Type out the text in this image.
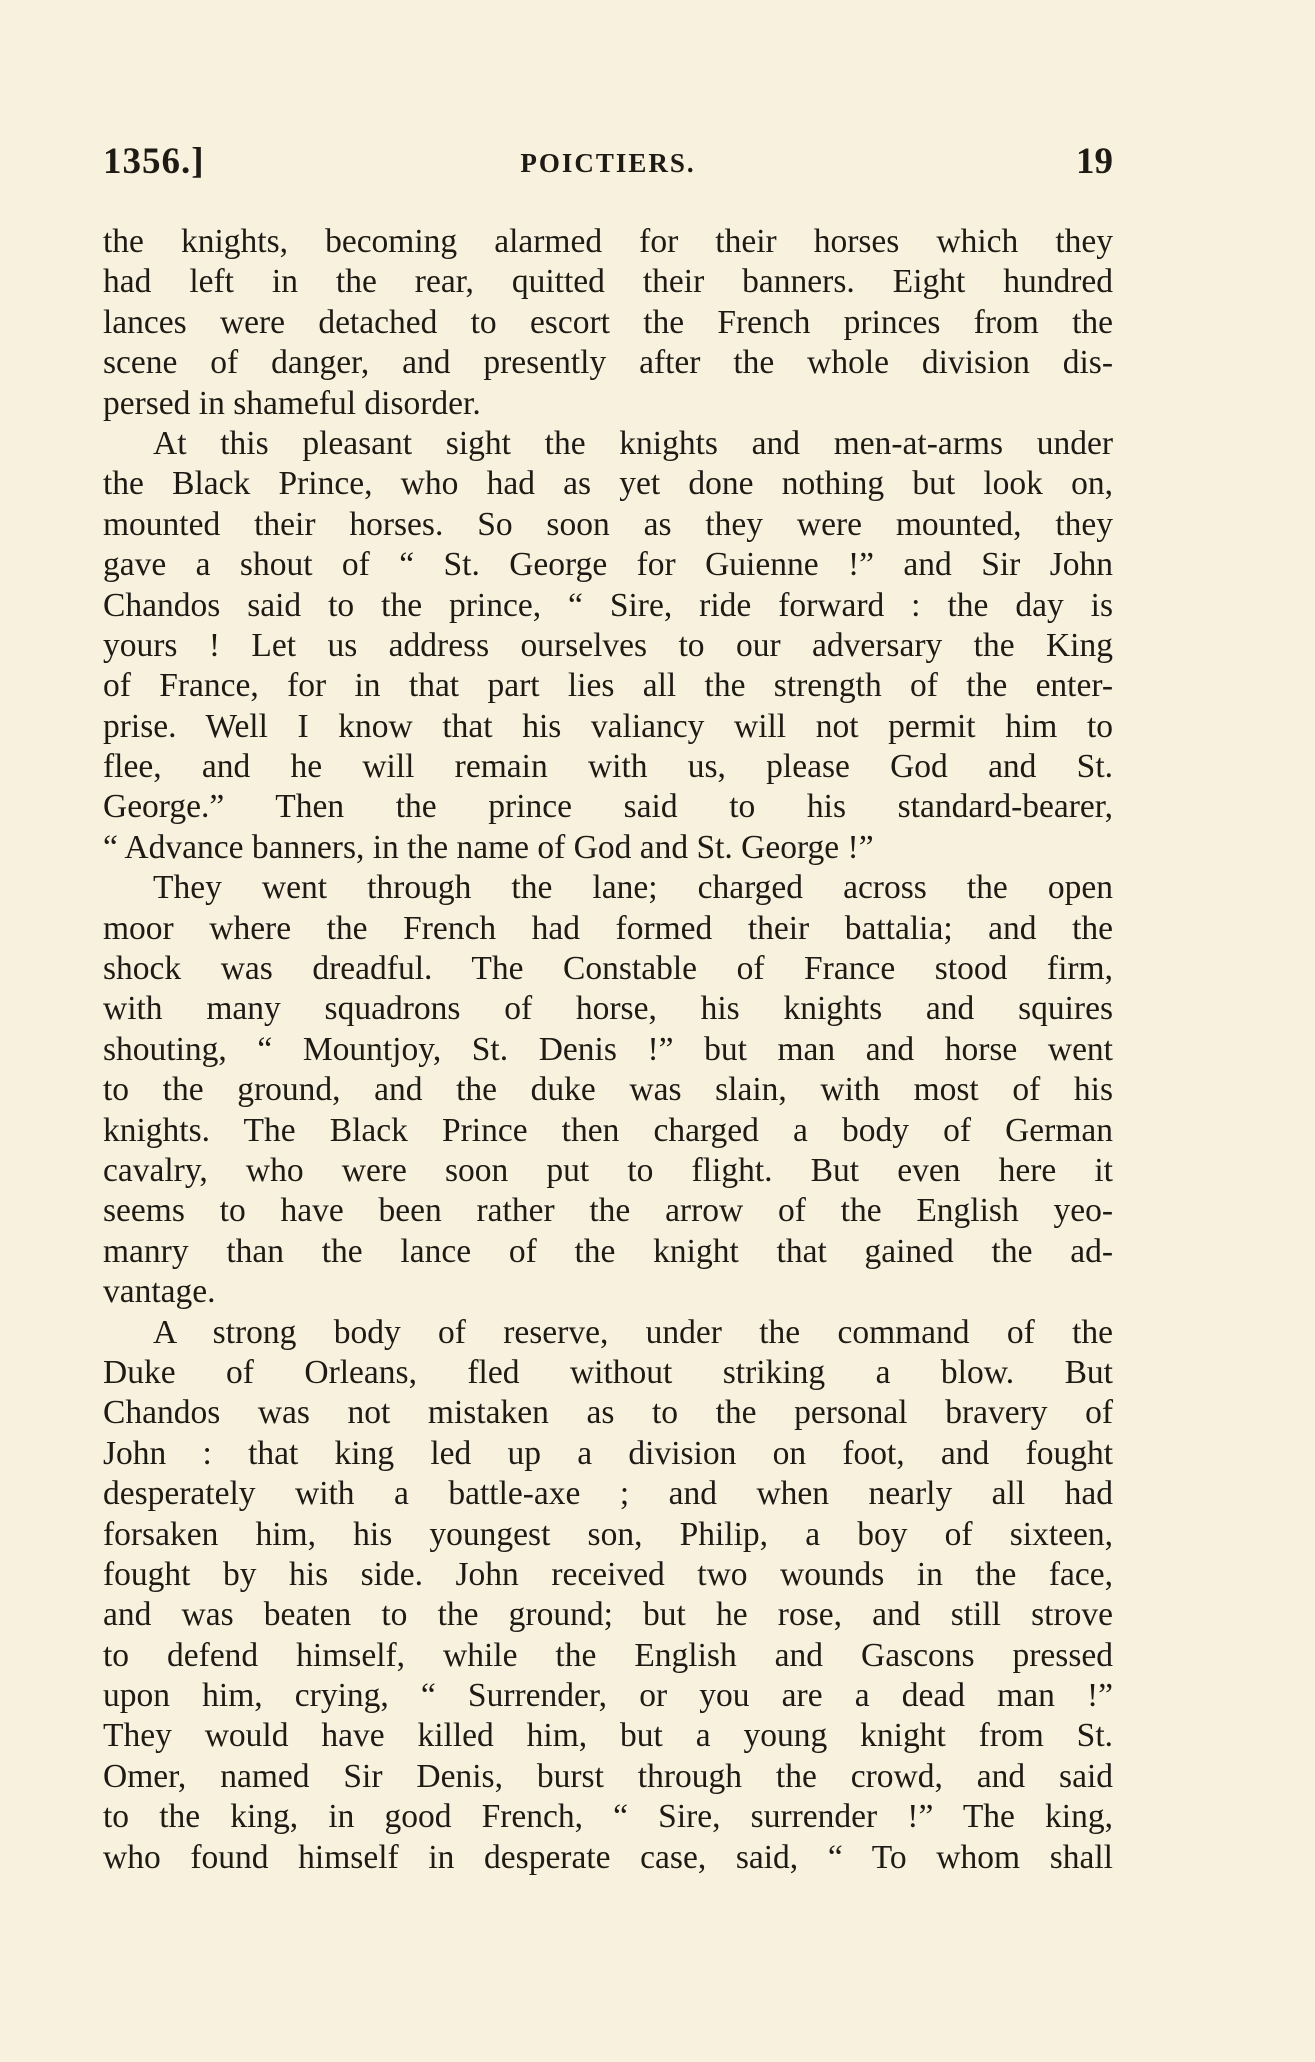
1356.]	POICTIERS.	19
the knights, becoming alarmed for their horses which they
had left in the rear, quitted their banners. Eight hundred
lances were detached to escort the French princes from the
scene of danger, and presently after the whole division dis-
persed in shameful disorder.
At this pleasant sight the knights and men-at-arms under
the Black Prince, who had as yet done nothing but look on,
mounted their horses. So soon as they were mounted, they
gave a shout of “ St. George for Guienne !” and Sir John
Chandos said to the prince, “ Sire, ride forward : the day is
yours ! Let us address ourselves to our adversary the King
of France, for in that part lies all the strength of the enter-
prise. Well I know that his valiancy will not permit him to
flee, and he will remain with us, please God and St.
George.” Then the prince said to his standard-bearer,
“ Advance banners, in the name of God and St. George !”
They went through the lane; charged across the open
moor where the French had formed their battalia; and the
shock was dreadful. The Constable of France stood firm,
with many squadrons of horse, his knights and squires
shouting, “ Mountjoy, St. Denis !” but man and horse went
to the ground, and the duke was slain, with most of his
knights. The Black Prince then charged a body of German
cavalry, who were soon put to flight. But even here it
seems to have been rather the arrow of the English yeo-
manry than the lance of the knight that gained the ad-
vantage.
A strong body of reserve, under the command of the
Duke of Orleans, fled without striking a blow. But
Chandos was not mistaken as to the personal bravery of
John : that king led up a division on foot, and fought
desperately with a battle-axe ; and when nearly all had
forsaken him, his youngest son, Philip, a boy of sixteen,
fought by his side. John received two wounds in the face,
and was beaten to the ground; but he rose, and still strove
to defend himself, while the English and Gascons pressed
upon him, crying, “ Surrender, or you are a dead man !”
They would have killed him, but a young knight from St.
Omer, named Sir Denis, burst through the crowd, and said
to the king, in good French, “ Sire, surrender !” The king,
who found himself in desperate case, said, “ To whom shall
